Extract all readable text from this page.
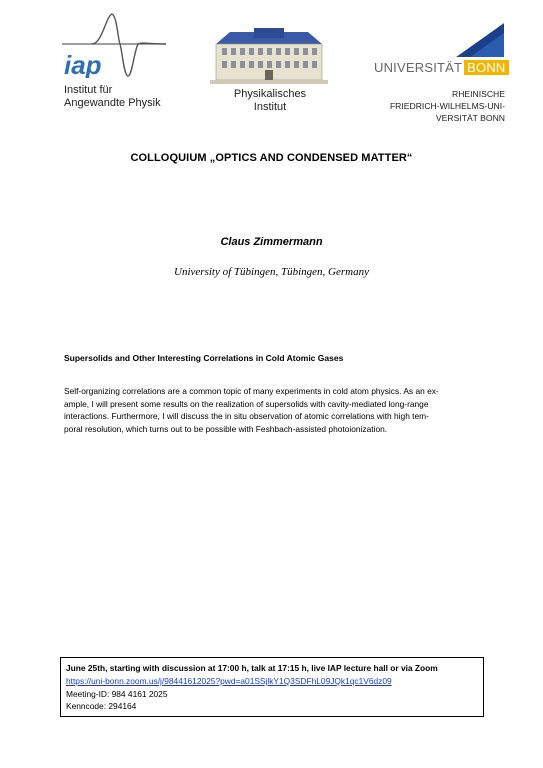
iap
Institut für
Angewandte Physik
Physikalisches
Institut
UNIVERSITÄT BONN
RHEINISCHE
FRIEDRICH-WILHELMS-UNI-
VERSITÄT BONN
COLLOQUIUM „OPTICS AND CONDENSED MATTER“
Claus Zimmermann
University of Tübingen, Tübingen, Germany
Supersolids and Other Interesting Correlations in Cold Atomic Gases
Self-organizing correlations are a common topic of many experiments in cold atom physics. As an ex-
ample, I will present some results on the realization of supersolids with cavity-mediated long-range
interactions. Furthermore, I will discuss the in situ observation of atomic correlations with high tem-
poral resolution, which turns out to be possible with Feshbach-assisted photoionization.
June 25th, starting with discussion at 17:00 h, talk at 17:15 h, live IAP lecture hall or via Zoom
https://uni-bonn.zoom.us/j/98441612025?pwd=a01SSjlkY1Q3SDFhL09JQk1qc1V6dz09
Meeting-ID: 984 4161 2025
Kenncode: 294164
